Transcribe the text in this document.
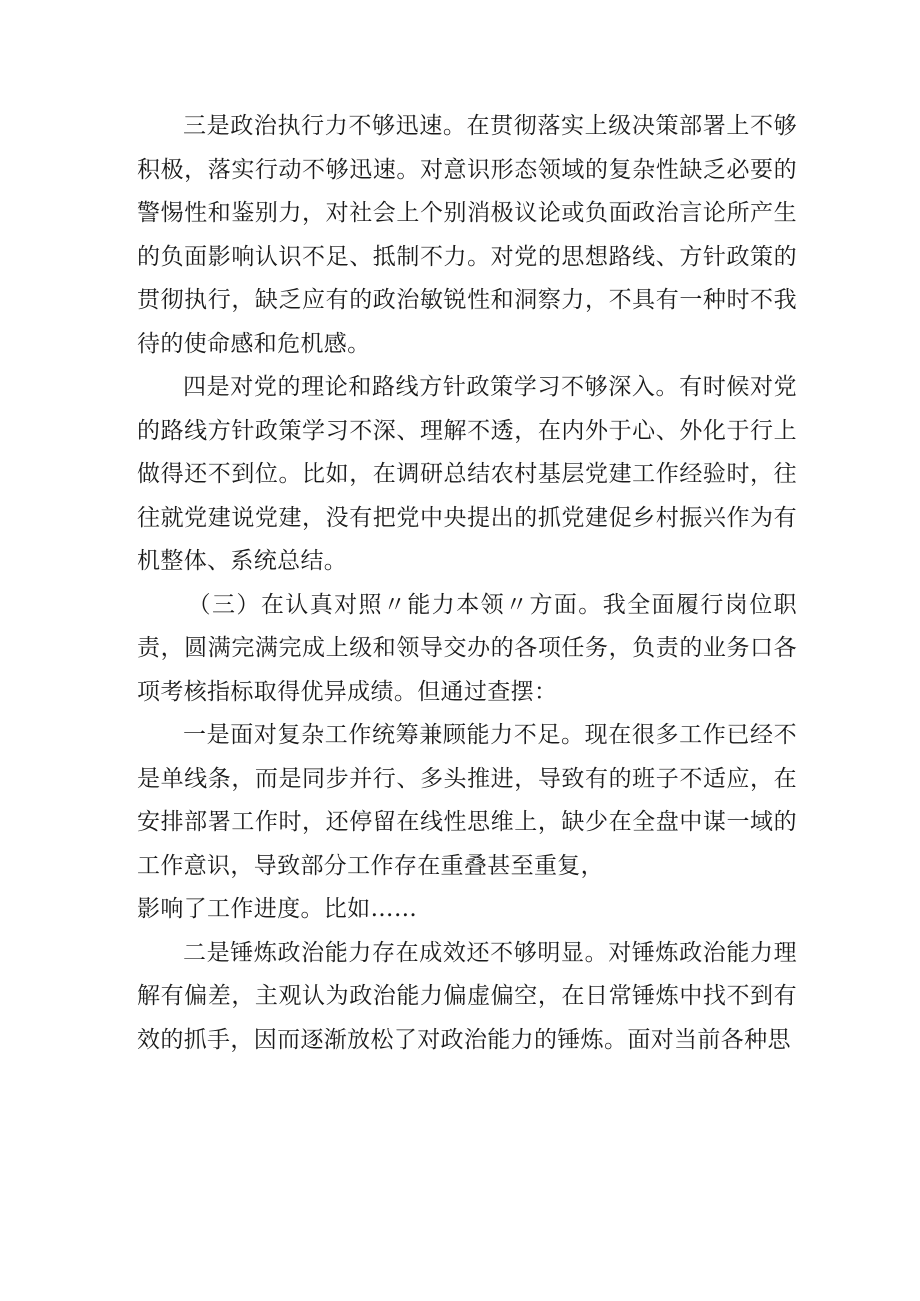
三是政治执行力不够迅速。在贯彻落实上级决策部署上不够积极，落实行动不够迅速。对意识形态领域的复杂性缺乏必要的警惕性和鉴别力，对社会上个别消极议论或负面政治言论所产生的负面影响认识不足、抵制不力。对党的思想路线、方针政策的贯彻执行，缺乏应有的政治敏锐性和洞察力，不具有一种时不我待的使命感和危机感。

四是对党的理论和路线方针政策学习不够深入。有时候对党的路线方针政策学习不深、理解不透，在内外于心、外化于行上做得还不到位。比如，在调研总结农村基层党建工作经验时，往往就党建说党建，没有把党中央提出的抓党建促乡村振兴作为有机整体、系统总结。

（三）在认真对照〃能力本领〃方面。我全面履行岗位职责，圆满完满完成上级和领导交办的各项任务，负责的业务口各项考核指标取得优异成绩。但通过查摆：

一是面对复杂工作统筹兼顾能力不足。现在很多工作已经不是单线条，而是同步并行、多头推进，导致有的班子不适应，在安排部署工作时，还停留在线性思维上，缺少在全盘中谋一域的工作意识，导致部分工作存在重叠甚至重复，

影响了工作进度。比如……

二是锤炼政治能力存在成效还不够明显。对锤炼政治能力理解有偏差，主观认为政治能力偏虚偏空，在日常锤炼中找不到有效的抓手，因而逐渐放松了对政治能力的锤炼。面对当前各种思
